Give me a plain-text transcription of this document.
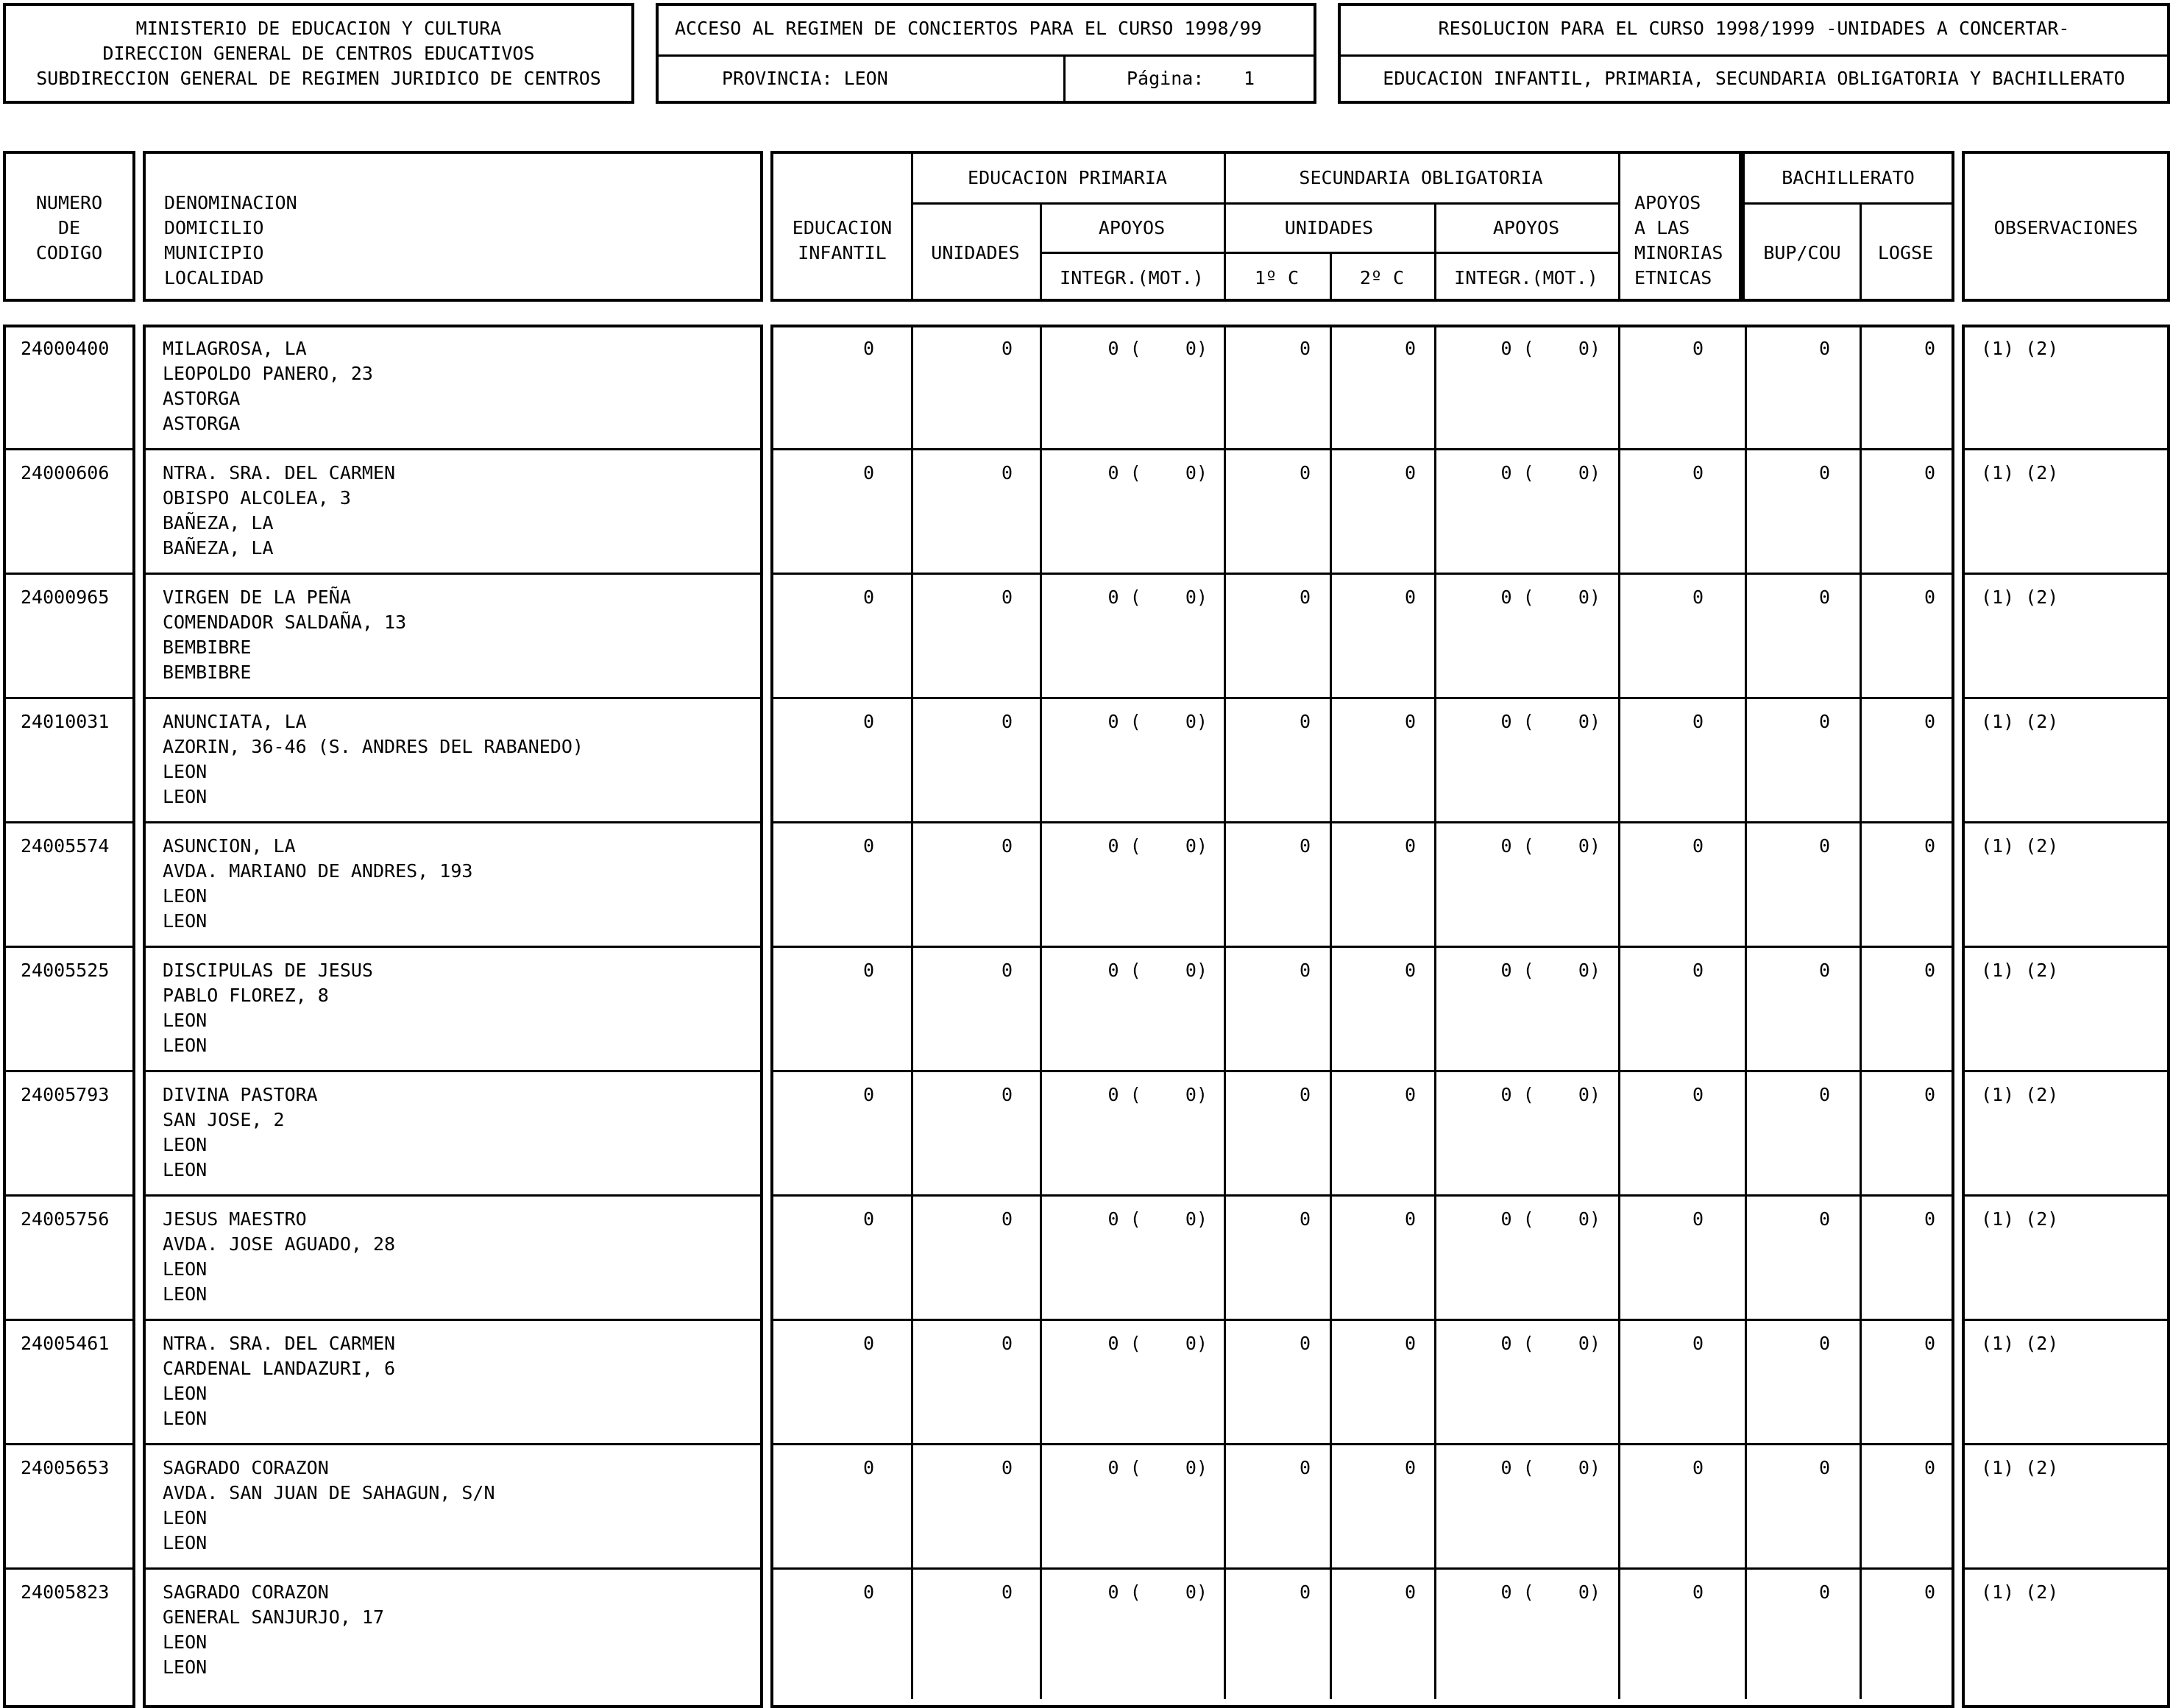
MINISTERIO DE EDUCACION Y CULTURA
DIRECCION GENERAL DE CENTROS EDUCATIVOS
SUBDIRECCION GENERAL DE REGIMEN JURIDICO DE CENTROS
ACCESO AL REGIMEN DE CONCIERTOS PARA EL CURSO 1998/99
PROVINCIA: LEON	Página: 1
RESOLUCION PARA EL CURSO 1998/1999 -UNIDADES A CONCERTAR-
EDUCACION INFANTIL, PRIMARIA, SECUNDARIA OBLIGATORIA Y BACHILLERATO
NUMERO
DE
CODIGO
DENOMINACION
DOMICILIO
MUNICIPIO
LOCALIDAD
EDUCACION
INFANTIL
EDUCACION PRIMARIA
UNIDADES
APOYOS
INTEGR.(MOT.)
SECUNDARIA OBLIGATORIA
UNIDADES
1º C	2º C
APOYOS
INTEGR.(MOT.)
APOYOS
A LAS
MINORIAS
ETNICAS
BACHILLERATO
BUP/COU	LOGSE
OBSERVACIONES
24000400	MILAGROSA, LA
LEOPOLDO PANERO, 23
ASTORGA
ASTORGA
0	0	0 (    0)	0	0	0 (    0)	0	0	0 (1) (2)
24000606	NTRA. SRA. DEL CARMEN
OBISPO ALCOLEA, 3
BAÑEZA, LA
BAÑEZA, LA
0	0	0 (    0)	0	0	0 (    0)	0	0	0 (1) (2)
24000965	VIRGEN DE LA PEÑA
COMENDADOR SALDAÑA, 13
BEMBIBRE
BEMBIBRE
0	0	0 (    0)	0	0	0 (    0)	0	0	0 (1) (2)
24010031	ANUNCIATA, LA
AZORIN, 36-46 (S. ANDRES DEL RABANEDO)
LEON
LEON
0	0	0 (    0)	0	0	0 (    0)	0	0	0 (1) (2)
24005574	ASUNCION, LA
AVDA. MARIANO DE ANDRES, 193
LEON
LEON
0	0	0 (    0)	0	0	0 (    0)	0	0	0 (1) (2)
24005525	DISCIPULAS DE JESUS
PABLO FLOREZ, 8
LEON
LEON
0	0	0 (    0)	0	0	0 (    0)	0	0	0 (1) (2)
24005793	DIVINA PASTORA
SAN JOSE, 2
LEON
LEON
0	0	0 (    0)	0	0	0 (    0)	0	0	0 (1) (2)
24005756	JESUS MAESTRO
AVDA. JOSE AGUADO, 28
LEON
LEON
0	0	0 (    0)	0	0	0 (    0)	0	0	0 (1) (2)
24005461	NTRA. SRA. DEL CARMEN
CARDENAL LANDAZURI, 6
LEON
LEON
0	0	0 (    0)	0	0	0 (    0)	0	0	0 (1) (2)
24005653	SAGRADO CORAZON
AVDA. SAN JUAN DE SAHAGUN, S/N
LEON
LEON
0	0	0 (    0)	0	0	0 (    0)	0	0	0 (1) (2)
24005823	SAGRADO CORAZON
GENERAL SANJURJO, 17
LEON
LEON
0	0	0 (    0)	0	0	0 (    0)	0	0	0 (1) (2)
